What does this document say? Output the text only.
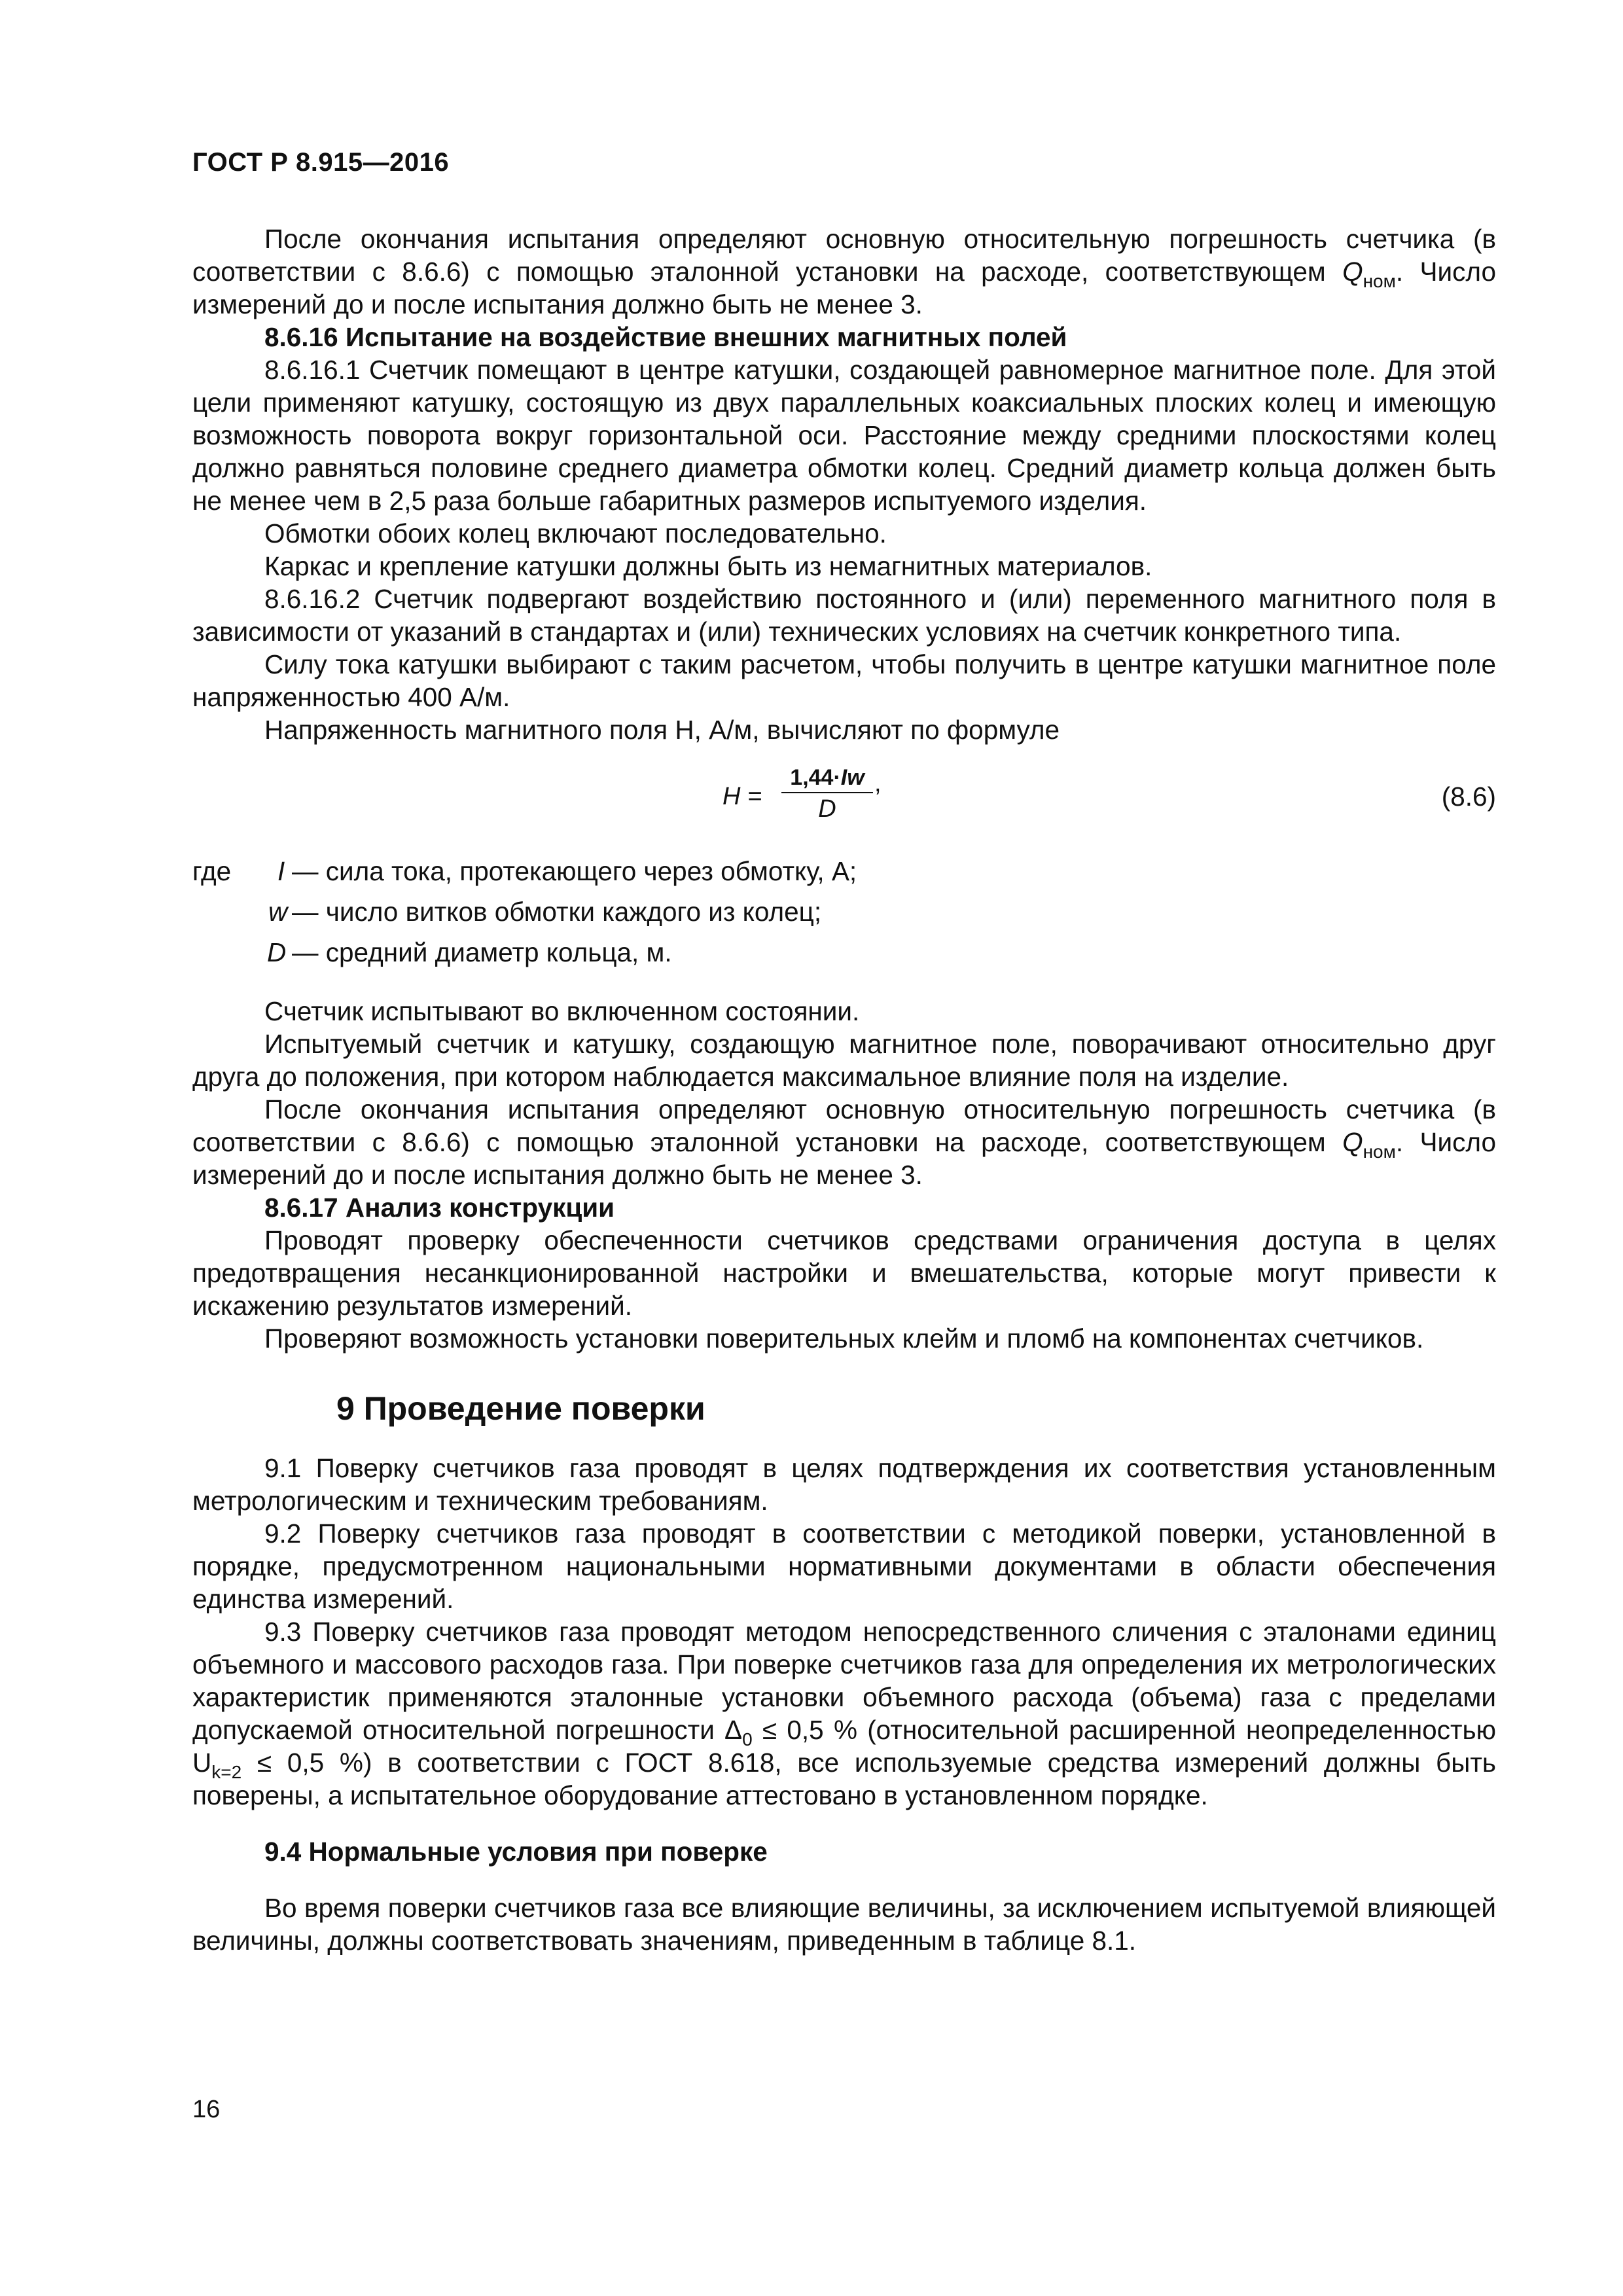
ГОСТ Р 8.915—2016

После окончания испытания определяют основную относительную погрешность счетчика (в соответствии с 8.6.6) с помощью эталонной установки на расходе, соответствующем $Q_{ном}$. Число измерений до и после испытания должно быть не менее 3.

8.6.16 Испытание на воздействие внешних магнитных полей

8.6.16.1 Счетчик помещают в центре катушки, создающей равномерное магнитное поле. Для этой цели применяют катушку, состоящую из двух параллельных коаксиальных плоских колец и имеющую возможность поворота вокруг горизонтальной оси. Расстояние между средними плоскостями колец должно равняться половине среднего диаметра обмотки колец. Средний диаметр кольца должен быть не менее чем в 2,5 раза больше габаритных размеров испытуемого изделия.

Обмотки обоих колец включают последовательно.

Каркас и крепление катушки должны быть из немагнитных материалов.

8.6.16.2 Счетчик подвергают воздействию постоянного и (или) переменного магнитного поля в зависимости от указаний в стандартах и (или) технических условиях на счетчик конкретного типа.

Силу тока катушки выбирают с таким расчетом, чтобы получить в центре катушки магнитное поле напряженностью 400 А/м.

Напряженность магнитного поля Н, А/м, вычисляют по формуле

$H = \frac{1,44\cdot Iw}{D}$ ,	(8.6)
где I — сила тока, протекающего через обмотку, А;
w — число витков обмотки каждого из колец;
D — средний диаметр кольца, м.

Счетчик испытывают во включенном состоянии.

Испытуемый счетчик и катушку, создающую магнитное поле, поворачивают относительно друг друга до положения, при котором наблюдается максимальное влияние поля на изделие.

После окончания испытания определяют основную относительную погрешность счетчика (в соответствии с 8.6.6) с помощью эталонной установки на расходе, соответствующем $Q_{ном}$. Число измерений до и после испытания должно быть не менее 3.

8.6.17 Анализ конструкции

Проводят проверку обеспеченности счетчиков средствами ограничения доступа в целях предотвращения несанкционированной настройки и вмешательства, которые могут привести к искажению результатов измерений.

Проверяют возможность установки поверительных клейм и пломб на компонентах счетчиков.

9 Проведение поверки

9.1 Поверку счетчиков газа проводят в целях подтверждения их соответствия установленным метрологическим и техническим требованиям.

9.2 Поверку счетчиков газа проводят в соответствии с методикой поверки, установленной в порядке, предусмотренном национальными нормативными документами в области обеспечения единства измерений.

9.3 Поверку счетчиков газа проводят методом непосредственного сличения с эталонами единиц объемного и массового расходов газа. При поверке счетчиков газа для определения их метрологических характеристик применяются эталонные установки объемного расхода (объема) газа с пределами допускаемой относительной погрешности $\Delta_0 \le 0,5$ % (относительной расширенной неопределенностью $U_{k=2} \le 0,5$ %) в соответствии с ГОСТ 8.618, все используемые средства измерений должны быть поверены, а испытательное оборудование аттестовано в установленном порядке.

9.4 Нормальные условия при поверке

Во время поверки счетчиков газа все влияющие величины, за исключением испытуемой влияющей величины, должны соответствовать значениям, приведенным в таблице 8.1.

16
